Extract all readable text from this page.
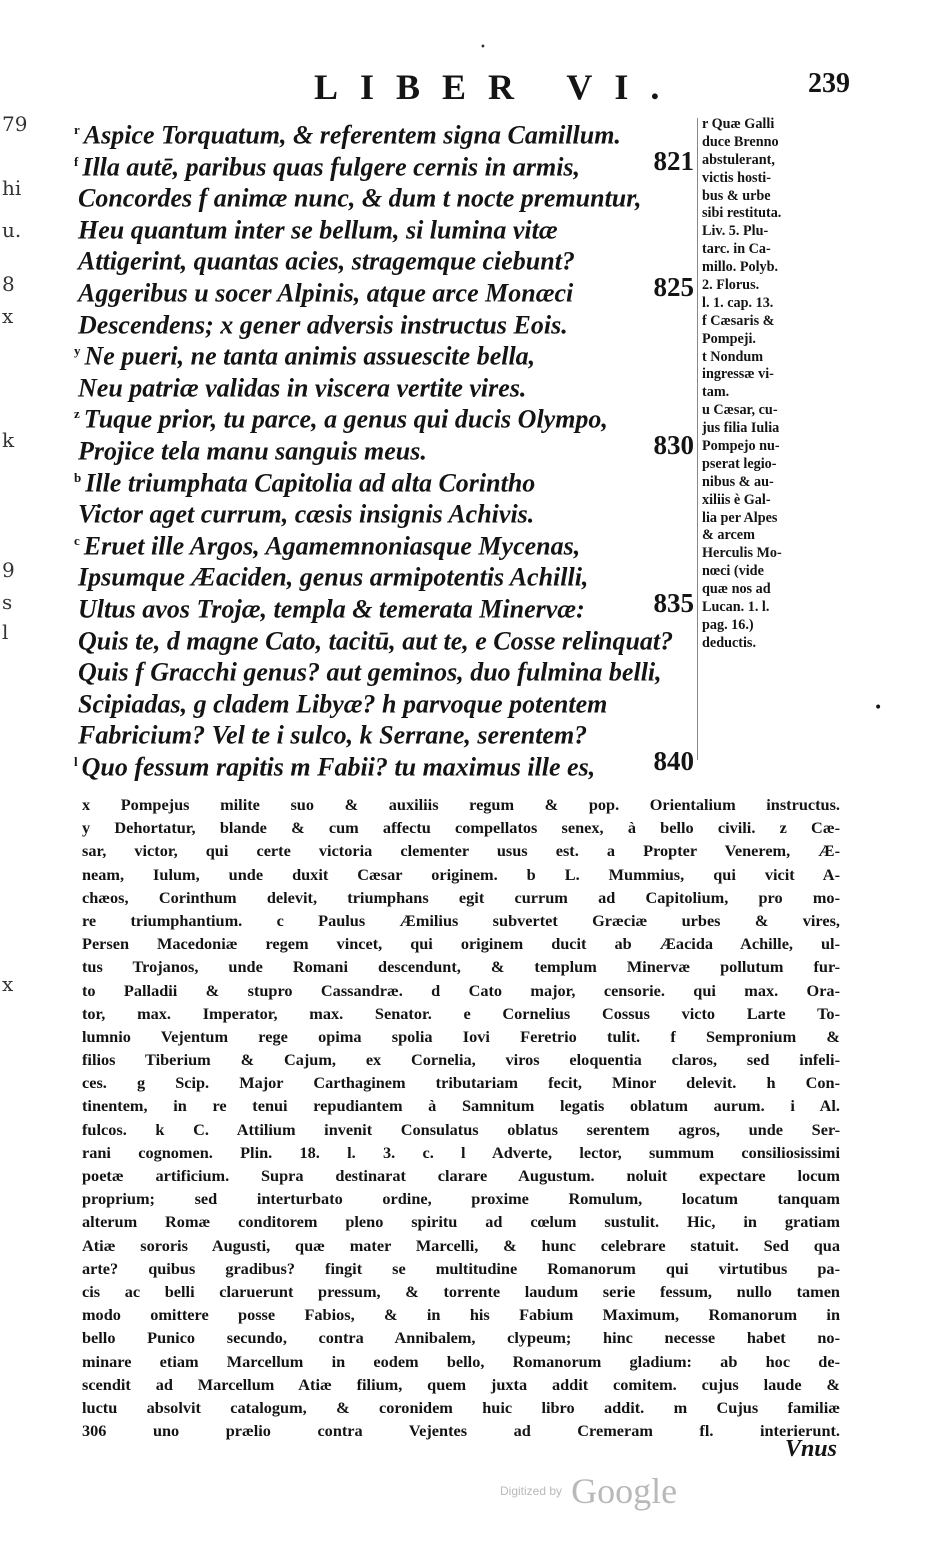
•
79
hi
u.
8
x
k
9
s
l
x
LIBER VI.	239
$^r$ Aspice Torquatum, & referentem signa Camillum.
$^f$ Illa autē, paribus quas fulgere cernis in armis,	821
Concordes f animæ nunc, & dum t nocte premuntur,
Heu quantum inter se bellum, si lumina vitæ
Attigerint, quantas acies, stragemque ciebunt?
Aggeribus u socer Alpinis, atque arce Monæci	825
Descendens; x gener adversis instructus Eois.
$^y$ Ne pueri, ne tanta animis assuescite bella,
Neu patriæ validas in viscera vertite vires.
$^z$ Tuque prior, tu parce, a genus qui ducis Olympo,
Projice tela manu sanguis meus.	830
$^b$ Ille triumphata Capitolia ad alta Corintho
Victor aget currum, cæsis insignis Achivis.
$^c$ Eruet ille Argos, Agamemnoniasque Mycenas,
Ipsumque Æaciden, genus armipotentis Achilli,
Ultus avos Trojæ, templa & temerata Minervæ:	835
Quis te, d magne Cato, tacitū, aut te, e Cosse relinquat?
Quis f Gracchi genus? aut geminos, duo fulmina belli,
Scipiadas, g cladem Libyæ? h parvoque potentem
Fabricium? Vel te i sulco, k Serrane, serentem?
$^l$ Quo fessum rapitis m Fabii? tu maximus ille es, 840
r Quæ Galli
duce Brenno
abstulerant,
victis hosti-
bus & urbe
sibi restituta.
Liv. 5. Plu-
tarc. in Ca-
millo. Polyb.
2. Florus.
l. 1. cap. 13.
f Cæsaris &
Pompeji.
t Nondum
ingressæ vi-
tam.
u Cæsar, cu-
jus filia Iulia
Pompejo nu-
pserat legio-
nibus & au-
xiliis è Gal-
lia per Alpes
& arcem
Herculis Mo-
nœci (vide
quæ nos ad
Lucan. 1. l.
pag. 16.)
deductis.
•
x Pompejus milite suo & auxiliis regum & pop. Orientalium instructus.
y Dehortatur, blande & cum affectu compellatos senex, à bello civili. z Cæ-
sar, victor, qui certe victoria clementer usus est. a Propter Venerem, Æ-
neam, Iulum, unde duxit Cæsar originem. b L. Mummius, qui vicit A-
chæos, Corinthum delevit, triumphans egit currum ad Capitolium, pro mo-
re triumphantium. c Paulus Æmilius subvertet Græciæ urbes & vires,
Persen Macedoniæ regem vincet, qui originem ducit ab Æacida Achille, ul-
tus Trojanos, unde Romani descendunt, & templum Minervæ pollutum fur-
to Palladii & stupro Cassandræ. d Cato major, censorie. qui max. Ora-
tor, max. Imperator, max. Senator. e Cornelius Cossus victo Larte To-
lumnio Vejentum rege opima spolia Iovi Feretrio tulit. f Sempronium &
filios Tiberium & Cajum, ex Cornelia, viros eloquentia claros, sed infeli-
ces. g Scip. Major Carthaginem tributariam fecit, Minor delevit. h Con-
tinentem, in re tenui repudiantem à Samnitum legatis oblatum aurum. i Al.
fulcos. k C. Attilium invenit Consulatus oblatus serentem agros, unde Ser-
rani cognomen. Plin. 18. l. 3. c. l Adverte, lector, summum consiliosissimi
poetæ artificium. Supra destinarat clarare Augustum. noluit expectare locum
proprium; sed interturbato ordine, proxime Romulum, locatum tanquam
alterum Romæ conditorem pleno spiritu ad cœlum sustulit. Hic, in gratiam
Atiæ sororis Augusti, quæ mater Marcelli, & hunc celebrare statuit. Sed qua
arte? quibus gradibus? fingit se multitudine Romanorum qui virtutibus pa-
cis ac belli claruerunt pressum, & torrente laudum serie fessum, nullo tamen
modo omittere posse Fabios, & in his Fabium Maximum, Romanorum in
bello Punico secundo, contra Annibalem, clypeum; hinc necesse habet no-
minare etiam Marcellum in eodem bello, Romanorum gladium: ab hoc de-
scendit ad Marcellum Atiæ filium, quem juxta addit comitem. cujus laude &
luctu absolvit catalogum, & coronidem huic libro addit. m Cujus familiæ
306 uno prælio contra Vejentes ad Cremeram fl. interierunt.
Vnus
Digitized by Google
